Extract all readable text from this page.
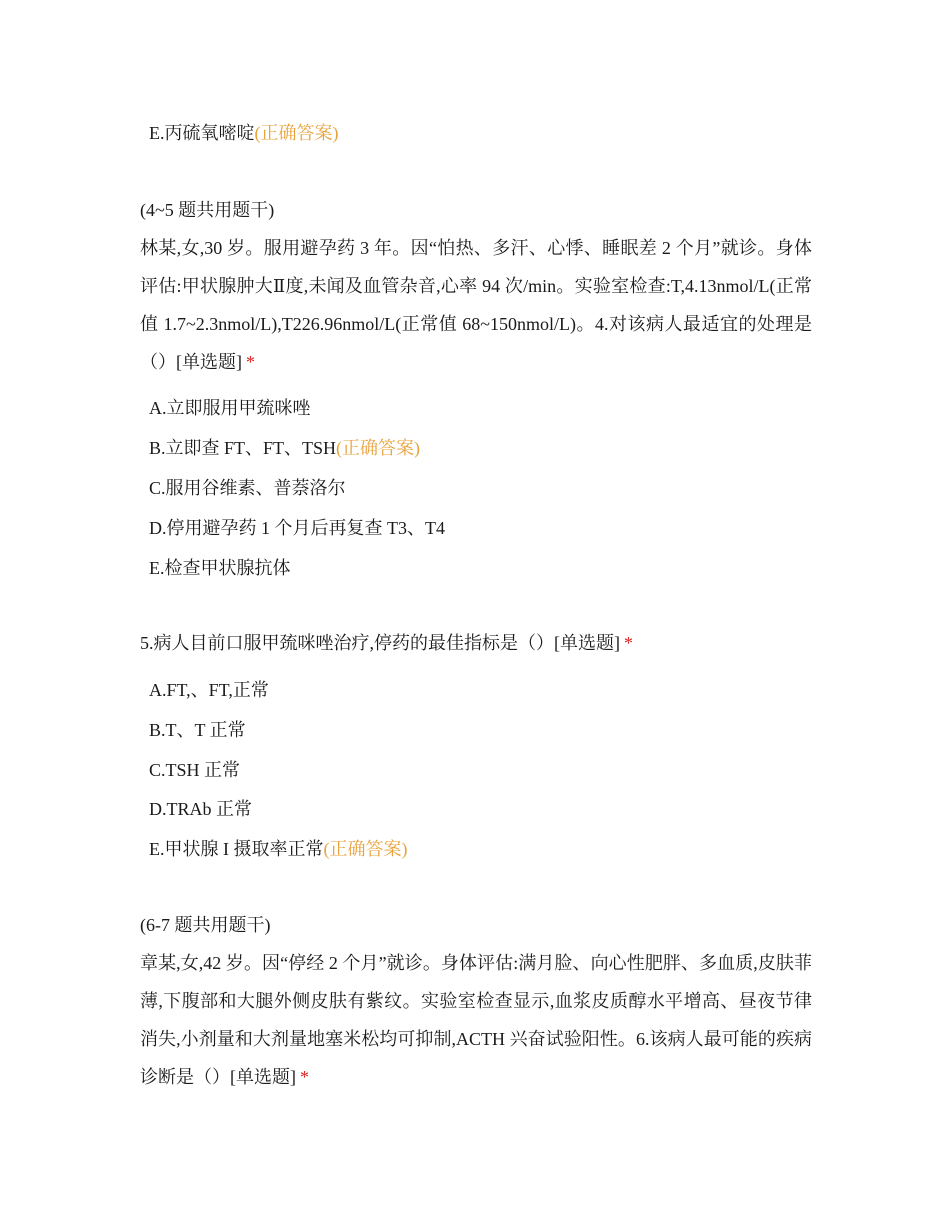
E.丙硫氧嘧啶(正确答案)
(4~5 题共用题干)
林某,女,30 岁。服用避孕药 3 年。因“怕热、多汗、心悸、睡眠差 2 个月”就诊。身体评估:甲状腺肿大Ⅱ度,未闻及血管杂音,心率 94 次/min。实验室检查:T,4.13nmol/L(正常值 1.7~2.3nmol/L),T226.96nmol/L(正常值 68~150nmol/L)。4.对该病人最适宜的处理是（）[单选题] *
A.立即服用甲巯咪唑
B.立即查 FT、FT、TSH(正确答案)
C.服用谷维素、普萘洛尔
D.停用避孕药 1 个月后再复查 T3、T4
E.检查甲状腺抗体
5.病人目前口服甲巯咪唑治疗,停药的最佳指标是（）[单选题] *
A.FT,、FT,正常
B.T、T 正常
C.TSH 正常
D.TRAb 正常
E.甲状腺 I 摄取率正常(正确答案)
(6-7 题共用题干)
章某,女,42 岁。因“停经 2 个月”就诊。身体评估:满月脸、向心性肥胖、多血质,皮肤菲薄,下腹部和大腿外侧皮肤有紫纹。实验室检查显示,血浆皮质醇水平增高、昼夜节律消失,小剂量和大剂量地塞米松均可抑制,ACTH 兴奋试验阳性。6.该病人最可能的疾病诊断是（）[单选题] *
